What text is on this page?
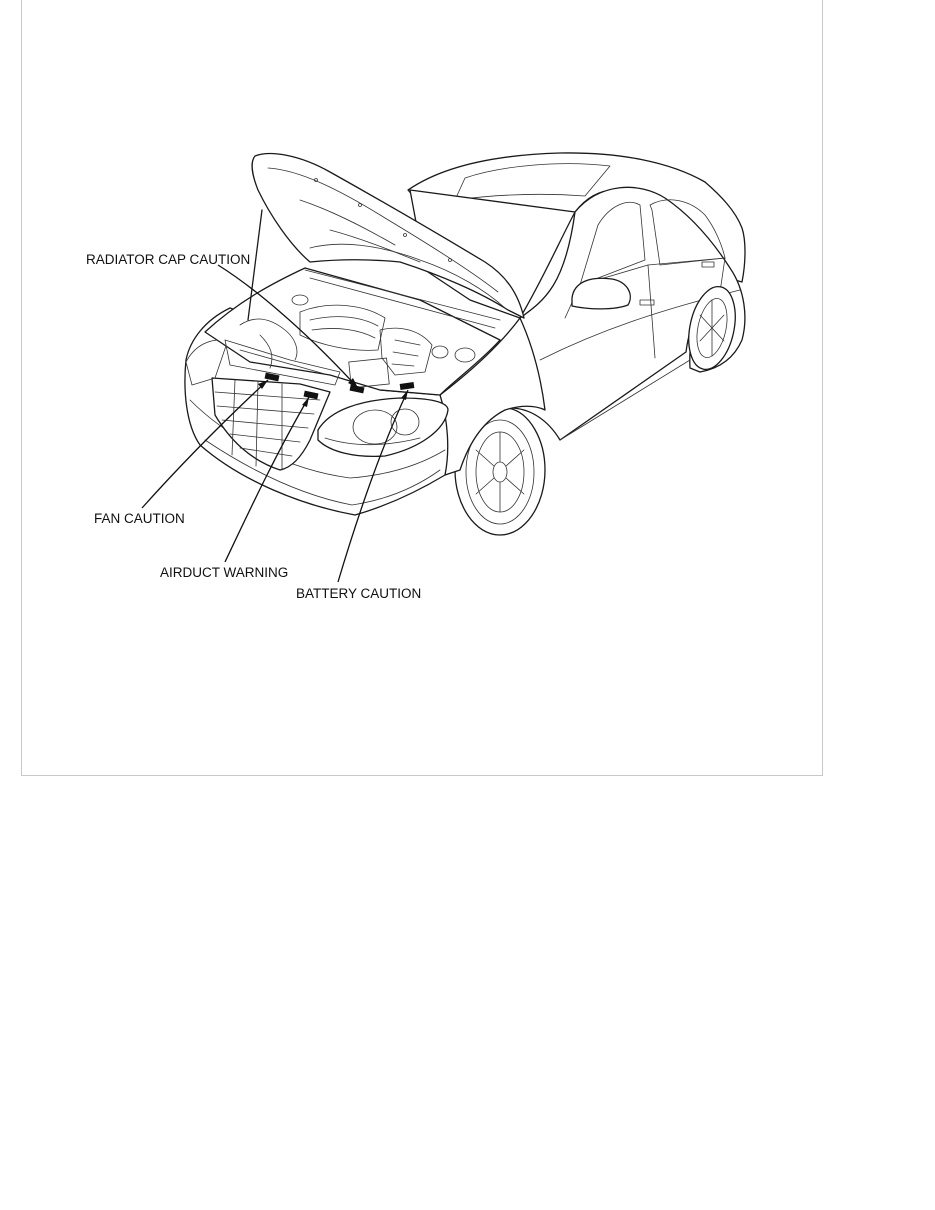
RADIATOR CAP CAUTION
FAN CAUTION
AIRDUCT WARNING
BATTERY CAUTION
